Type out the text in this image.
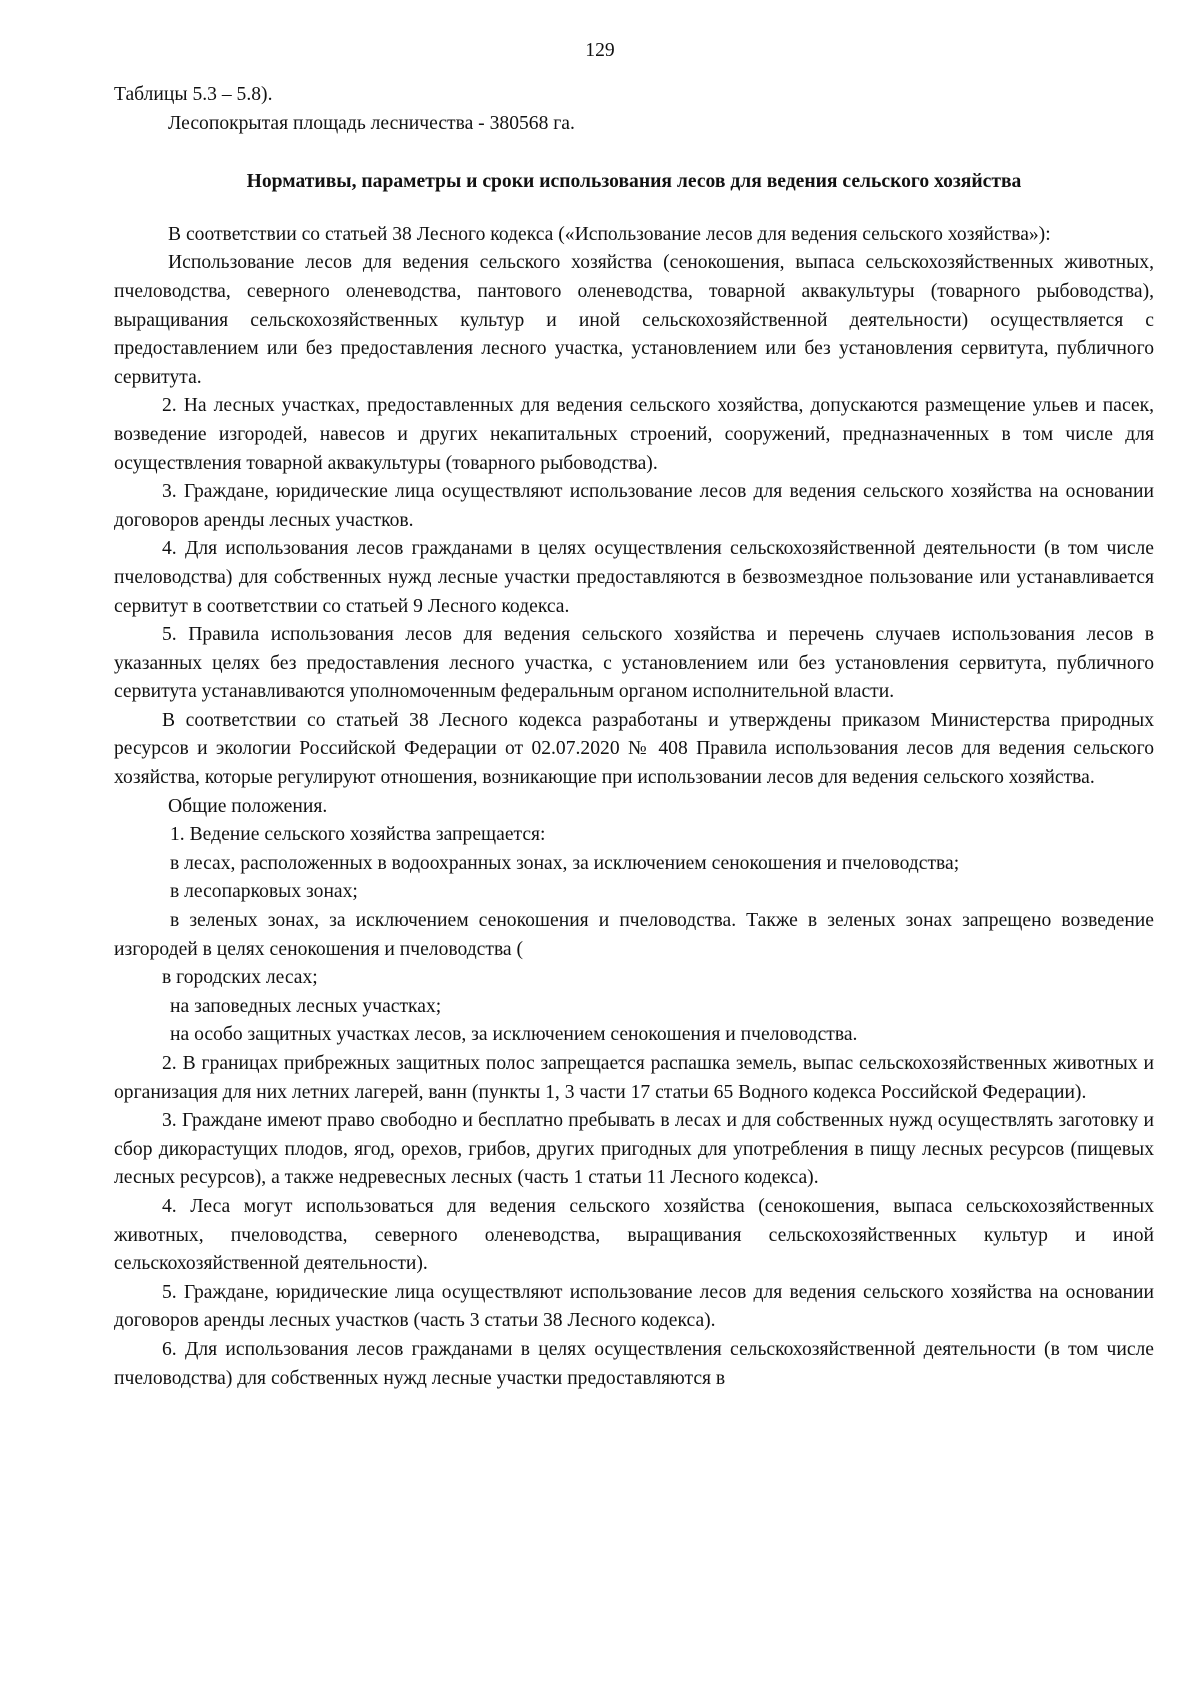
129

Таблицы 5.3 – 5.8).

Лесопокрытая площадь лесничества - 380568 га.

Нормативы, параметры и сроки использования лесов для ведения сельского хозяйства

В соответствии со статьей 38 Лесного кодекса («Использование лесов для ведения сельского хозяйства»):

Использование лесов для ведения сельского хозяйства (сенокошения, выпаса сельскохозяйственных животных, пчеловодства, северного оленеводства, пантового оленеводства, товарной аквакультуры (товарного рыбоводства), выращивания сельскохозяйственных культур и иной сельскохозяйственной деятельности) осуществляется с предоставлением или без предоставления лесного участка, установлением или без установления сервитута, публичного сервитута.

2. На лесных участках, предоставленных для ведения сельского хозяйства, допускаются размещение ульев и пасек, возведение изгородей, навесов и других некапитальных строений, сооружений, предназначенных в том числе для осуществления товарной аквакультуры (товарного рыбоводства).

3. Граждане, юридические лица осуществляют использование лесов для ведения сельского хозяйства на основании договоров аренды лесных участков.

4. Для использования лесов гражданами в целях осуществления сельскохозяйственной деятельности (в том числе пчеловодства) для собственных нужд лесные участки предоставляются в безвозмездное пользование или устанавливается сервитут в соответствии со статьей 9 Лесного кодекса.

5. Правила использования лесов для ведения сельского хозяйства и перечень случаев использования лесов в указанных целях без предоставления лесного участка, с установлением или без установления сервитута, публичного сервитута устанавливаются уполномоченным федеральным органом исполнительной власти.

В соответствии со статьей 38 Лесного кодекса разработаны и утверждены приказом Министерства природных ресурсов и экологии Российской Федерации от 02.07.2020 № 408 Правила использования лесов для ведения сельского хозяйства, которые регулируют отношения, возникающие при использовании лесов для ведения сельского хозяйства.

Общие положения.

1. Ведение сельского хозяйства запрещается:

в лесах, расположенных в водоохранных зонах, за исключением сенокошения и пчеловодства;

в лесопарковых зонах;

в зеленых зонах, за исключением сенокошения и пчеловодства. Также в зеленых зонах запрещено возведение изгородей в целях сенокошения и пчеловодства (

в городских лесах;

на заповедных лесных участках;

на особо защитных участках лесов, за исключением сенокошения и пчеловодства.

2. В границах прибрежных защитных полос запрещается распашка земель, выпас сельскохозяйственных животных и организация для них летних лагерей, ванн (пункты 1, 3 части 17 статьи 65 Водного кодекса Российской Федерации).

3. Граждане имеют право свободно и бесплатно пребывать в лесах и для собственных нужд осуществлять заготовку и сбор дикорастущих плодов, ягод, орехов, грибов, других пригодных для употребления в пищу лесных ресурсов (пищевых лесных ресурсов), а также недревесных лесных (часть 1 статьи 11 Лесного кодекса).

4. Леса могут использоваться для ведения сельского хозяйства (сенокошения, выпаса сельскохозяйственных животных, пчеловодства, северного оленеводства, выращивания сельскохозяйственных культур и иной сельскохозяйственной деятельности).

5. Граждане, юридические лица осуществляют использование лесов для ведения сельского хозяйства на основании договоров аренды лесных участков (часть 3 статьи 38 Лесного кодекса).

6. Для использования лесов гражданами в целях осуществления сельскохозяйственной деятельности (в том числе пчеловодства) для собственных нужд лесные участки предоставляются в
